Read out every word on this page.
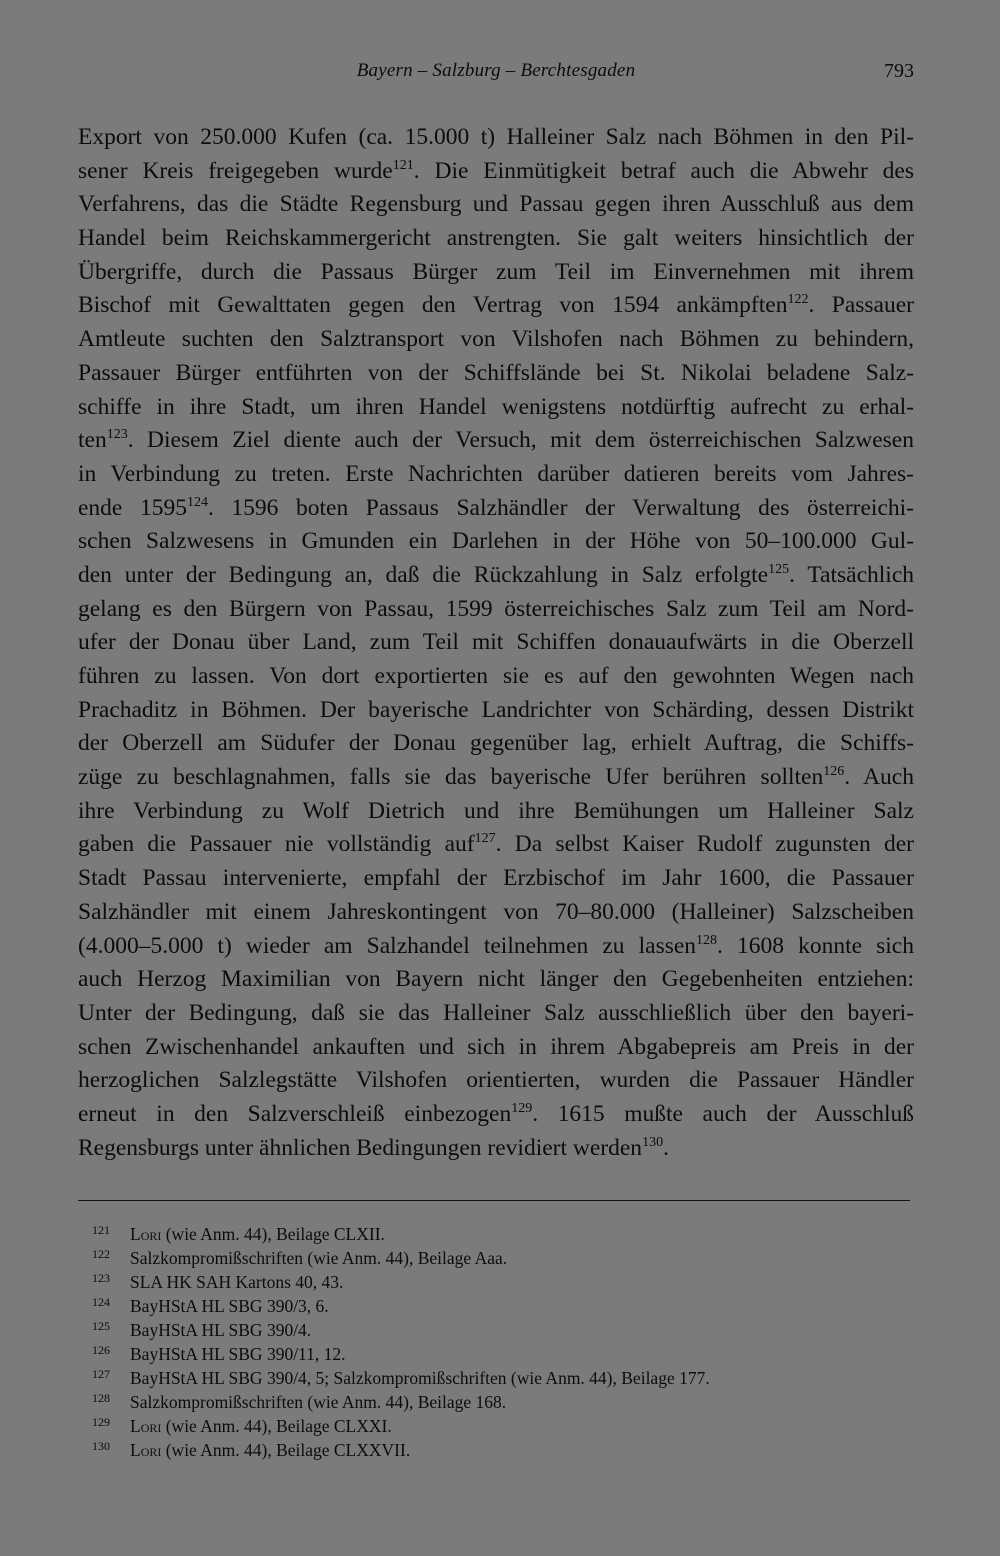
Bayern – Salzburg – Berchtesgaden	793
Export von 250.000 Kufen (ca. 15.000 t) Halleiner Salz nach Böhmen in den Pil-
sener Kreis freigegeben wurde$^{121}$. Die Einmütigkeit betraf auch die Abwehr des
Verfahrens, das die Städte Regensburg und Passau gegen ihren Ausschluß aus dem
Handel beim Reichskammergericht anstrengten. Sie galt weiters hinsichtlich der
Übergriffe, durch die Passaus Bürger zum Teil im Einvernehmen mit ihrem
Bischof mit Gewalttaten gegen den Vertrag von 1594 ankämpften$^{122}$. Passauer
Amtleute suchten den Salztransport von Vilshofen nach Böhmen zu behindern,
Passauer Bürger entführten von der Schiffslände bei St. Nikolai beladene Salz-
schiffe in ihre Stadt, um ihren Handel wenigstens notdürftig aufrecht zu erhal-
ten$^{123}$. Diesem Ziel diente auch der Versuch, mit dem österreichischen Salzwesen
in Verbindung zu treten. Erste Nachrichten darüber datieren bereits vom Jahres-
ende 1595$^{124}$. 1596 boten Passaus Salzhändler der Verwaltung des österreichi-
schen Salzwesens in Gmunden ein Darlehen in der Höhe von 50–100.000 Gul-
den unter der Bedingung an, daß die Rückzahlung in Salz erfolgte$^{125}$. Tatsächlich
gelang es den Bürgern von Passau, 1599 österreichisches Salz zum Teil am Nord-
ufer der Donau über Land, zum Teil mit Schiffen donauaufwärts in die Oberzell
führen zu lassen. Von dort exportierten sie es auf den gewohnten Wegen nach
Prachaditz in Böhmen. Der bayerische Landrichter von Schärding, dessen Distrikt
der Oberzell am Südufer der Donau gegenüber lag, erhielt Auftrag, die Schiffs-
züge zu beschlagnahmen, falls sie das bayerische Ufer berühren sollten$^{126}$. Auch
ihre Verbindung zu Wolf Dietrich und ihre Bemühungen um Halleiner Salz
gaben die Passauer nie vollständig auf$^{127}$. Da selbst Kaiser Rudolf zugunsten der
Stadt Passau intervenierte, empfahl der Erzbischof im Jahr 1600, die Passauer
Salzhändler mit einem Jahreskontingent von 70–80.000 (Halleiner) Salzscheiben
(4.000–5.000 t) wieder am Salzhandel teilnehmen zu lassen$^{128}$. 1608 konnte sich
auch Herzog Maximilian von Bayern nicht länger den Gegebenheiten entziehen:
Unter der Bedingung, daß sie das Halleiner Salz ausschließlich über den bayeri-
schen Zwischenhandel ankauften und sich in ihrem Abgabepreis am Preis in der
herzoglichen Salzlegstätte Vilshofen orientierten, wurden die Passauer Händler
erneut in den Salzverschleiß einbezogen$^{129}$. 1615 mußte auch der Ausschluß
Regensburgs unter ähnlichen Bedingungen revidiert werden$^{130}$.
121 Lori (wie Anm. 44), Beilage CLXII.
122 Salzkompromißschriften (wie Anm. 44), Beilage Aaa.
123 SLA HK SAH Kartons 40, 43.
124 BayHStA HL SBG 390/3, 6.
125 BayHStA HL SBG 390/4.
126 BayHStA HL SBG 390/11, 12.
127 BayHStA HL SBG 390/4, 5; Salzkompromißschriften (wie Anm. 44), Beilage 177.
128 Salzkompromißschriften (wie Anm. 44), Beilage 168.
129 Lori (wie Anm. 44), Beilage CLXXI.
130 Lori (wie Anm. 44), Beilage CLXXVII.
